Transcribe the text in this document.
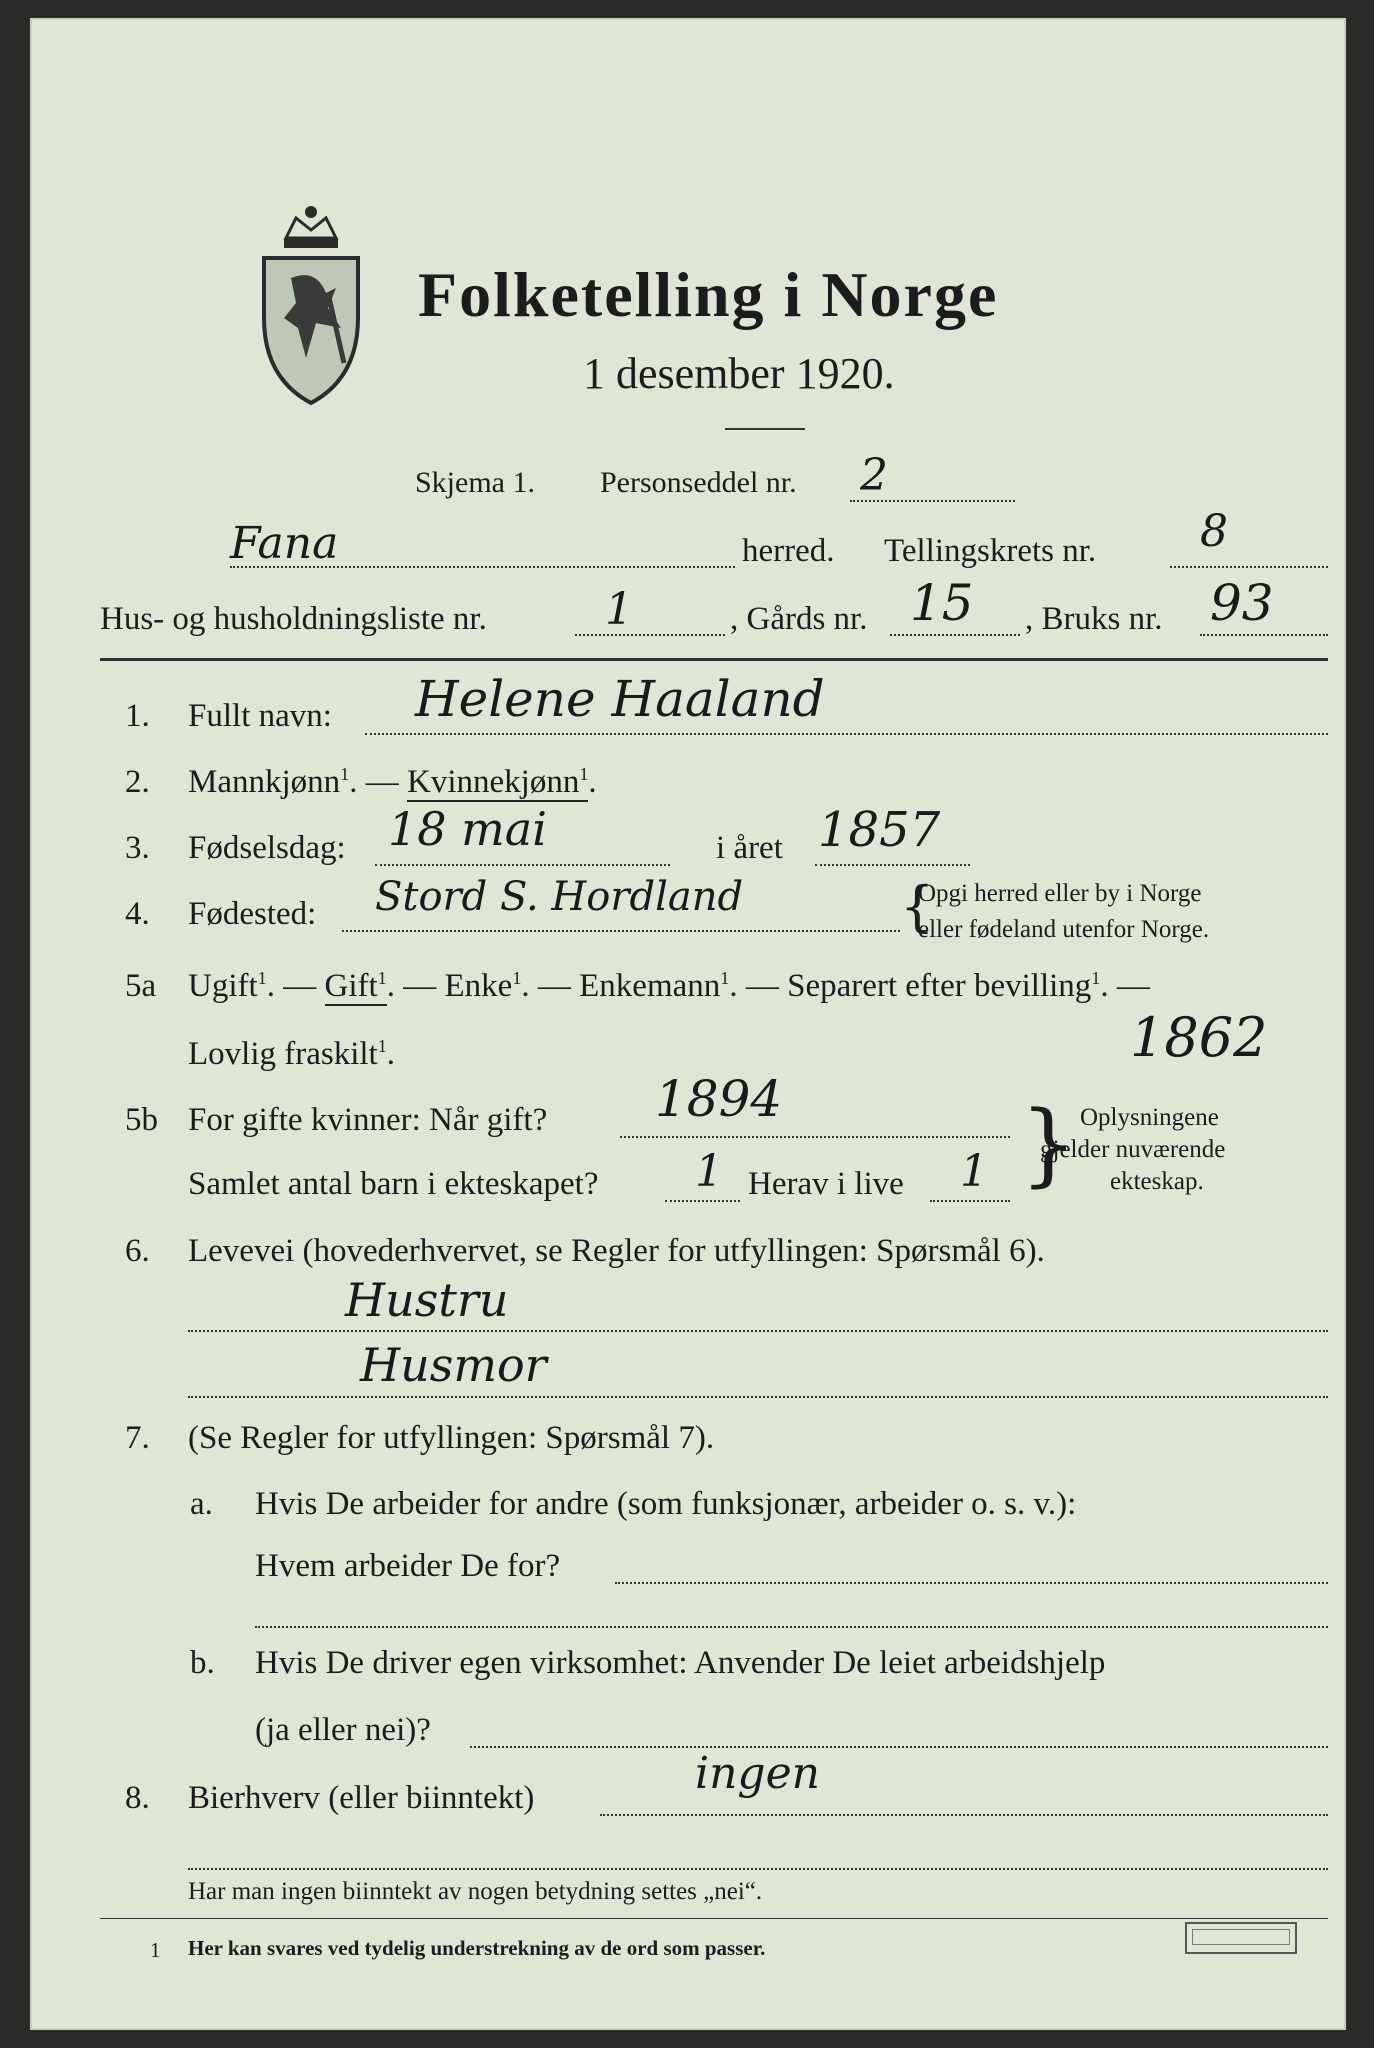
Folketelling i Norge
1 desember 1920.
Skjema 1. Personseddel nr. 2
Fana	herred. Tellingskrets nr. 8
Hus- og husholdningsliste nr.	1	, Gårds nr. 15 , Bruks nr. 93
1. Fullt navn: Helene Haaland
2. Mannkjønn$^1$. — Kvinnekjønn$^1$.
3. Fødselsdag: 18 mai	i året 1857
4. Fødested: Stord S. Hordland	{
Opgi herred eller by i Norge
eller fødeland utenfor Norge.
5a Ugift$^1$. — Gift$^1$. — Enke$^1$. — Enkemann$^1$. — Separert efter bevilling$^1$. —
Lovlig fraskilt$^1$.	1862
5b For gifte kvinner: Når gift? 1894
Samlet antal barn i ekteskapet? 1 Herav i live 1 } Oplysningene
gjelder nuværende
ekteskap.
6. Levevei (hovederhvervet, se Regler for utfyllingen: Spørsmål 6).
Hustru
Husmor
7. (Se Regler for utfyllingen: Spørsmål 7).
a. Hvis De arbeider for andre (som funksjonær, arbeider o. s. v.):
Hvem arbeider De for?
b. Hvis De driver egen virksomhet: Anvender De leiet arbeidshjelp
(ja eller nei)?
8. Bierhverv (eller biinntekt)	ingen
Har man ingen biinntekt av nogen betydning settes „nei“.
1 Her kan svares ved tydelig understrekning av de ord som passer.
